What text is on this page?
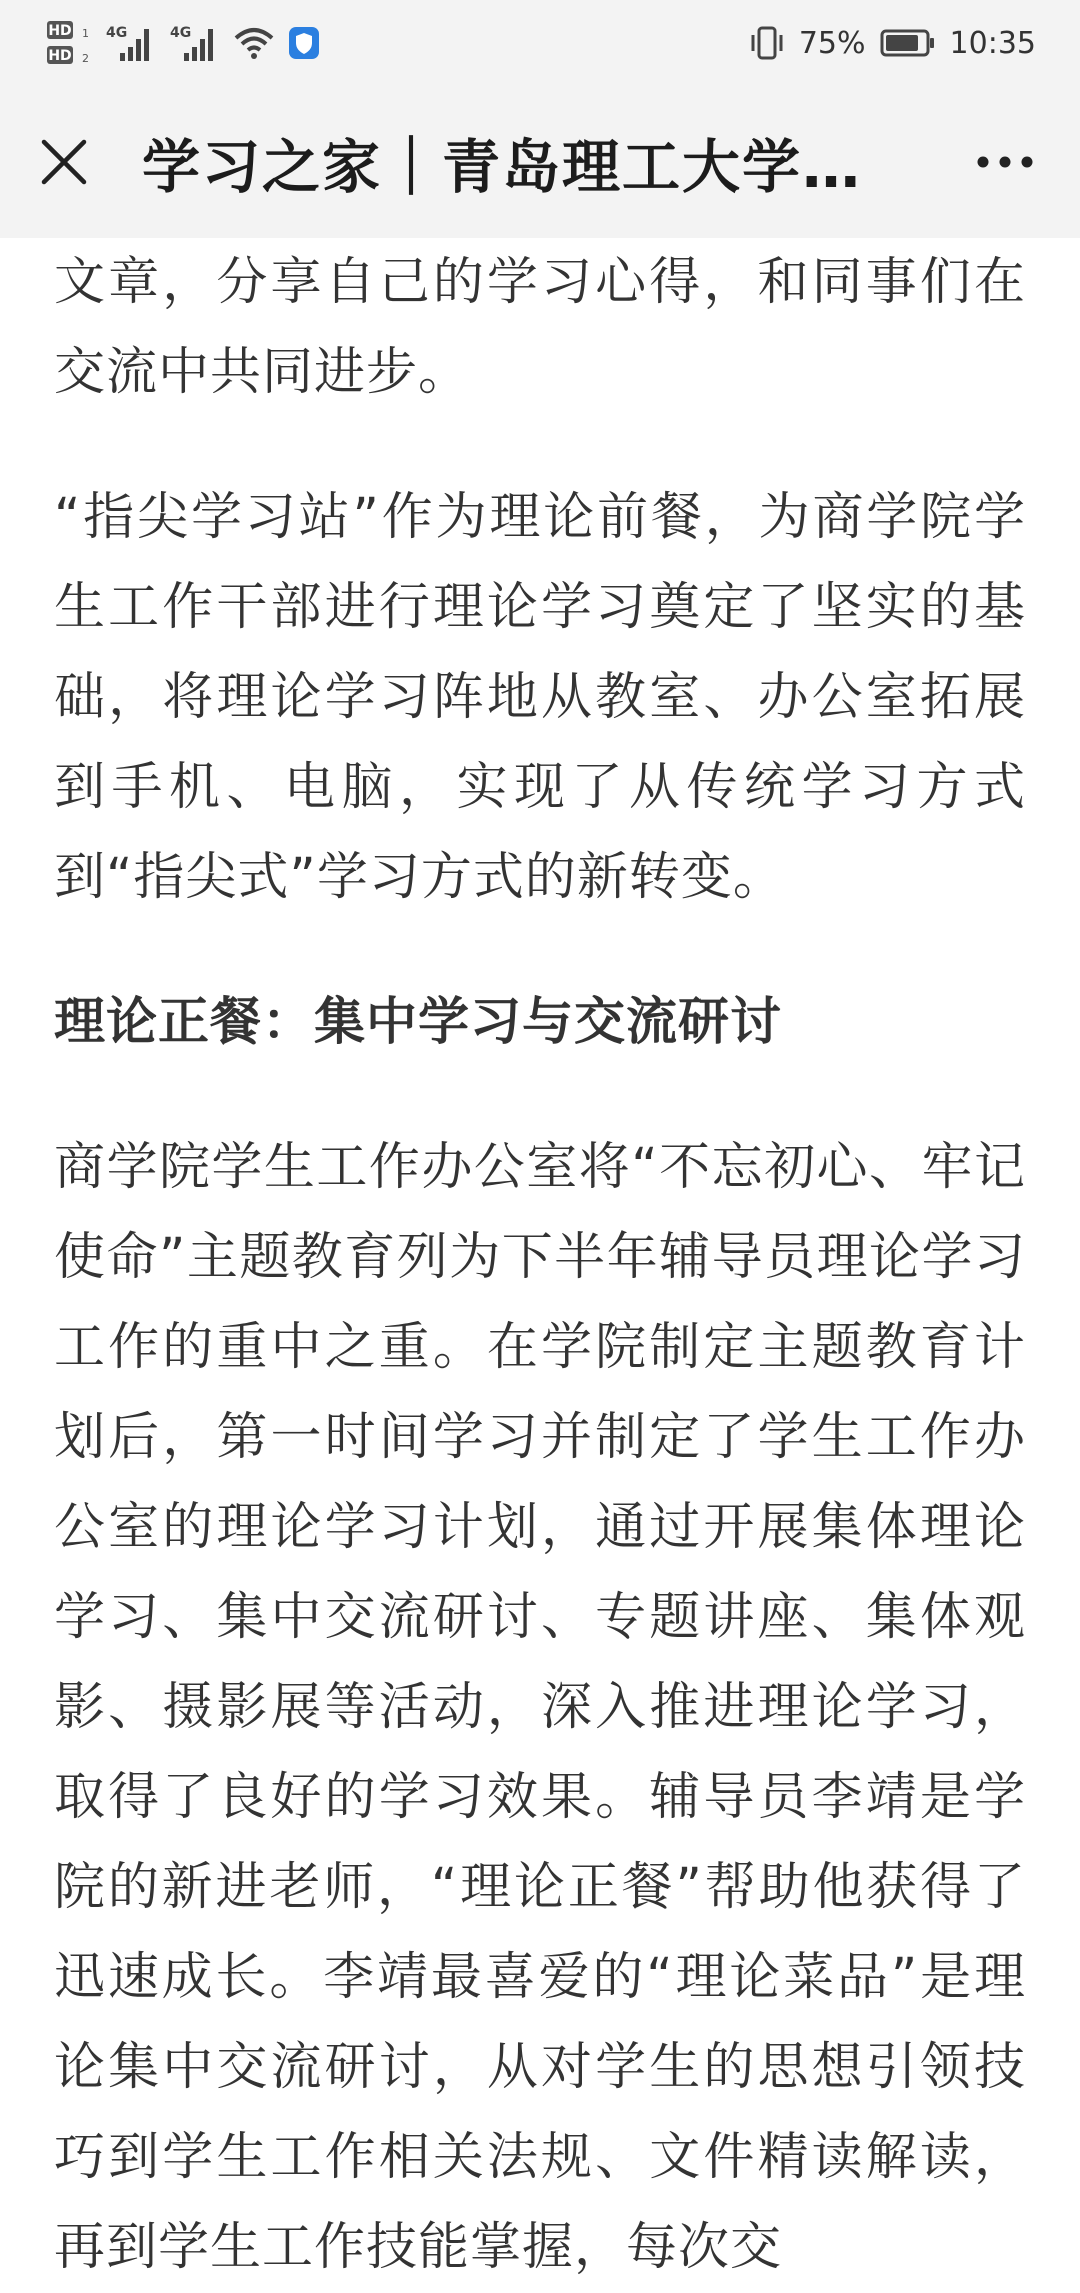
HD 1
HD 2
4G	4G	75%	10:35
学习之家｜青岛理工大学…

文章，分享自己的学习心得，和同事们在交流中共同进步。

“指尖学习站”作为理论前餐，为商学院学生工作干部进行理论学习奠定了坚实的基础，将理论学习阵地从教室、办公室拓展到手机、电脑，实现了从传统学习方式到“指尖式”学习方式的新转变。

理论正餐：集中学习与交流研讨

商学院学生工作办公室将“不忘初心、牢记使命”主题教育列为下半年辅导员理论学习工作的重中之重。在学院制定主题教育计划后，第一时间学习并制定了学生工作办公室的理论学习计划，通过开展集体理论学习、集中交流研讨、专题讲座、集体观影、摄影展等活动，深入推进理论学习，取得了良好的学习效果。辅导员李靖是学院的新进老师，“理论正餐”帮助他获得了迅速成长。李靖最喜爱的“理论菜品”是理论集中交流研讨，从对学生的思想引领技巧到学生工作相关法规、文件精读解读，再到学生工作技能掌握，每次交
